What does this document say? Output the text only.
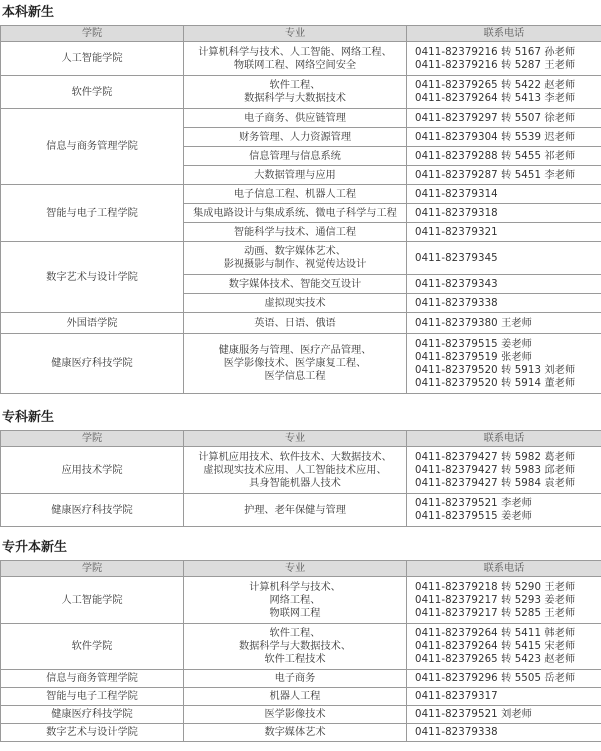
本科新生
学院	专业	联系电话
人工智能学院	计算机科学与技术、人工智能、网络工程、
物联网工程、网络空间安全	0411-82379216 转 5167 孙老师
0411-82379216 转 5287 王老师
软件学院	软件工程、
数据科学与大数据技术	0411-82379265 转 5422 赵老师
0411-82379264 转 5413 李老师
信息与商务管理学院	电子商务、供应链管理	0411-82379297 转 5507 徐老师
	财务管理、人力资源管理	0411-82379304 转 5539 迟老师
	信息管理与信息系统	0411-82379288 转 5455 祁老师
	大数据管理与应用	0411-82379287 转 5451 李老师
智能与电子工程学院	电子信息工程、机器人工程	0411-82379314
	集成电路设计与集成系统、微电子科学与工程	0411-82379318
	智能科学与技术、通信工程	0411-82379321
数字艺术与设计学院	动画、数字媒体艺术、
影视摄影与制作、视觉传达设计	0411-82379345
	数字媒体技术、智能交互设计	0411-82379343
	虚拟现实技术	0411-82379338
外国语学院	英语、日语、俄语	0411-82379380 王老师
健康医疗科技学院	健康服务与管理、医疗产品管理、
医学影像技术、医学康复工程、
医学信息工程	0411-82379515 姜老师
0411-82379519 张老师
0411-82379520 转 5913 刘老师
0411-82379520 转 5914 董老师
专科新生
学院	专业	联系电话
应用技术学院	计算机应用技术、软件技术、大数据技术、
虚拟现实技术应用、人工智能技术应用、
具身智能机器人技术	0411-82379427 转 5982 葛老师
0411-82379427 转 5983 邱老师
0411-82379427 转 5984 袁老师
健康医疗科技学院	护理、老年保健与管理	0411-82379521 李老师
0411-82379515 姜老师
专升本新生
学院	专业	联系电话
人工智能学院	计算机科学与技术、
网络工程、
物联网工程	0411-82379218 转 5290 王老师
0411-82379217 转 5293 姜老师
0411-82379217 转 5285 王老师
软件学院	软件工程、
数据科学与大数据技术、
软件工程技术	0411-82379264 转 5411 韩老师
0411-82379264 转 5415 宋老师
0411-82379265 转 5423 赵老师
信息与商务管理学院	电子商务	0411-82379296 转 5505 岳老师
智能与电子工程学院	机器人工程	0411-82379317
健康医疗科技学院	医学影像技术	0411-82379521 刘老师
数字艺术与设计学院	数字媒体艺术	0411-82379338
